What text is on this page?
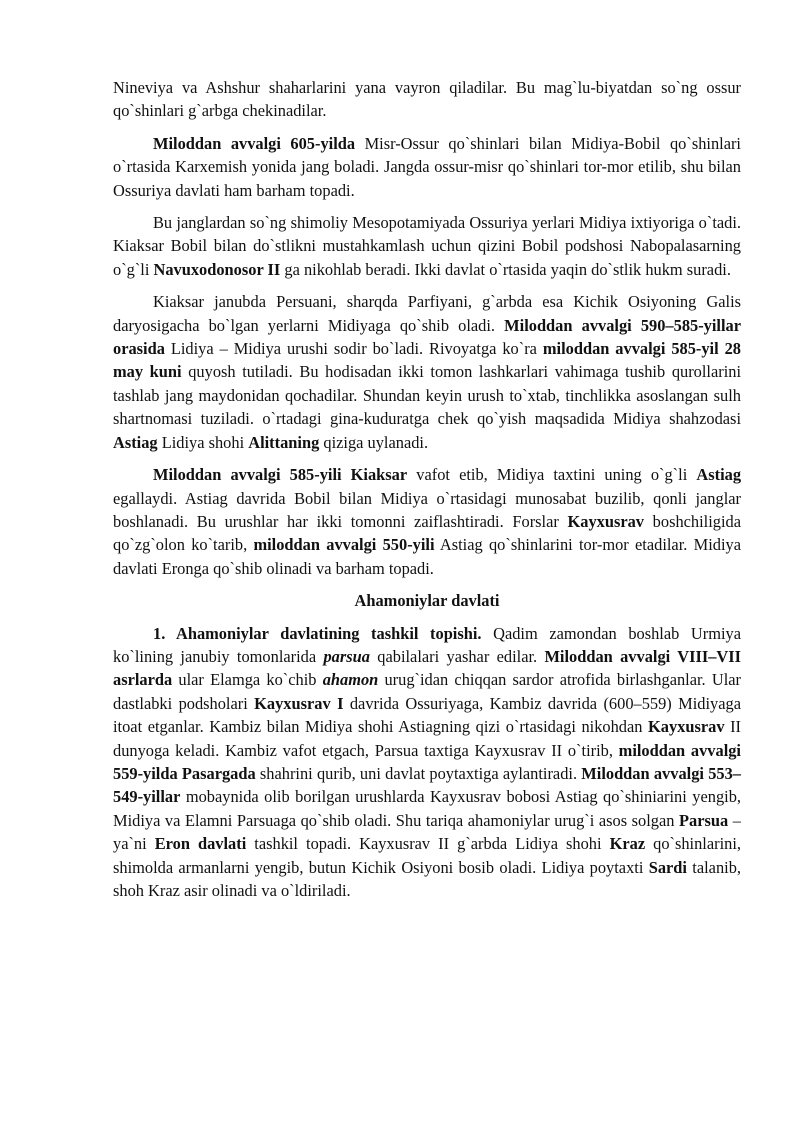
Nineviya va Ashshur shaharlarini yana vayron qiladilar. Bu mag`lu-biyatdan so`ng ossur qo`shinlari g`arbga chekinadilar.

Miloddan avvalgi 605-yilda Misr-Ossur qo`shinlari bilan Midiya-Bobil qo`shinlari o`rtasida Karxemish yonida jang boladi. Jangda ossur-misr qo`shinlari tor-mor etilib, shu bilan Ossuriya davlati ham barham topadi.

Bu janglardan so`ng shimoliy Mesopotamiyada Ossuriya yerlari Midiya ixtiyoriga o`tadi. Kiaksar Bobil bilan do`stlikni mustahkamlash uchun qizini Bobil podshosi Nabopalasarning o`g`li Navuxodonosor II ga nikohlab beradi. Ikki davlat o`rtasida yaqin do`stlik hukm suradi.

Kiaksar janubda Persuani, sharqda Parfiyani, g`arbda esa Kichik Osiyoning Galis daryosigacha bo`lgan yerlarni Midiyaga qo`shib oladi. Miloddan avvalgi 590–585-yillar orasida Lidiya – Midiya urushi sodir bo`ladi. Rivoyatga ko`ra miloddan avvalgi 585-yil 28 may kuni quyosh tutiladi. Bu hodisadan ikki tomon lashkarlari vahimaga tushib qurollarini tashlab jang maydonidan qochadilar. Shundan keyin urush to`xtab, tinchlikka asoslangan sulh shartnomasi tuziladi. o`rtadagi gina-kuduratga chek qo`yish maqsadida Midiya shahzodasi Astiag Lidiya shohi Alittaning qiziga uylanadi.

Miloddan avvalgi 585-yili Kiaksar vafot etib, Midiya taxtini uning o`g`li Astiag egallaydi. Astiag davrida Bobil bilan Midiya o`rtasidagi munosabat buzilib, qonli janglar boshlanadi. Bu urushlar har ikki tomonni zaiflashtiradi. Forslar Kayxusrav boshchiligida qo`zg`olon ko`tarib, miloddan avvalgi 550-yili Astiag qo`shinlarini tor-mor etadilar. Midiya davlati Eronga qo`shib olinadi va barham topadi.

Ahamoniylar davlati

1. Ahamoniylar davlatining tashkil topishi. Qadim zamondan boshlab Urmiya ko`lining janubiy tomonlarida parsua qabilalari yashar edilar. Miloddan avvalgi VIII–VII asrlarda ular Elamga ko`chib ahamon urug`idan chiqqan sardor atrofida birlashganlar. Ular dastlabki podsholari Kayxusrav I davrida Ossuriyaga, Kambiz davrida (600–559) Midiyaga itoat etganlar. Kambiz bilan Midiya shohi Astiagning qizi o`rtasidagi nikohdan Kayxusrav II dunyoga keladi. Kambiz vafot etgach, Parsua taxtiga Kayxusrav II o`tirib, miloddan avvalgi 559-yilda Pasargada shahrini qurib, uni davlat poytaxtiga aylantiradi. Miloddan avvalgi 553–549-yillar mobaynida olib borilgan urushlarda Kayxusrav bobosi Astiag qo`shiniarini yengib, Midiya va Elamni Parsuaga qo`shib oladi. Shu tariqa ahamoniylar urug`i asos solgan Parsua – ya`ni Eron davlati tashkil topadi. Kayxusrav II g`arbda Lidiya shohi Kraz qo`shinlarini, shimolda armanlarni yengib, butun Kichik Osiyoni bosib oladi. Lidiya poytaxti Sardi talanib, shoh Kraz asir olinadi va o`ldiriladi.
